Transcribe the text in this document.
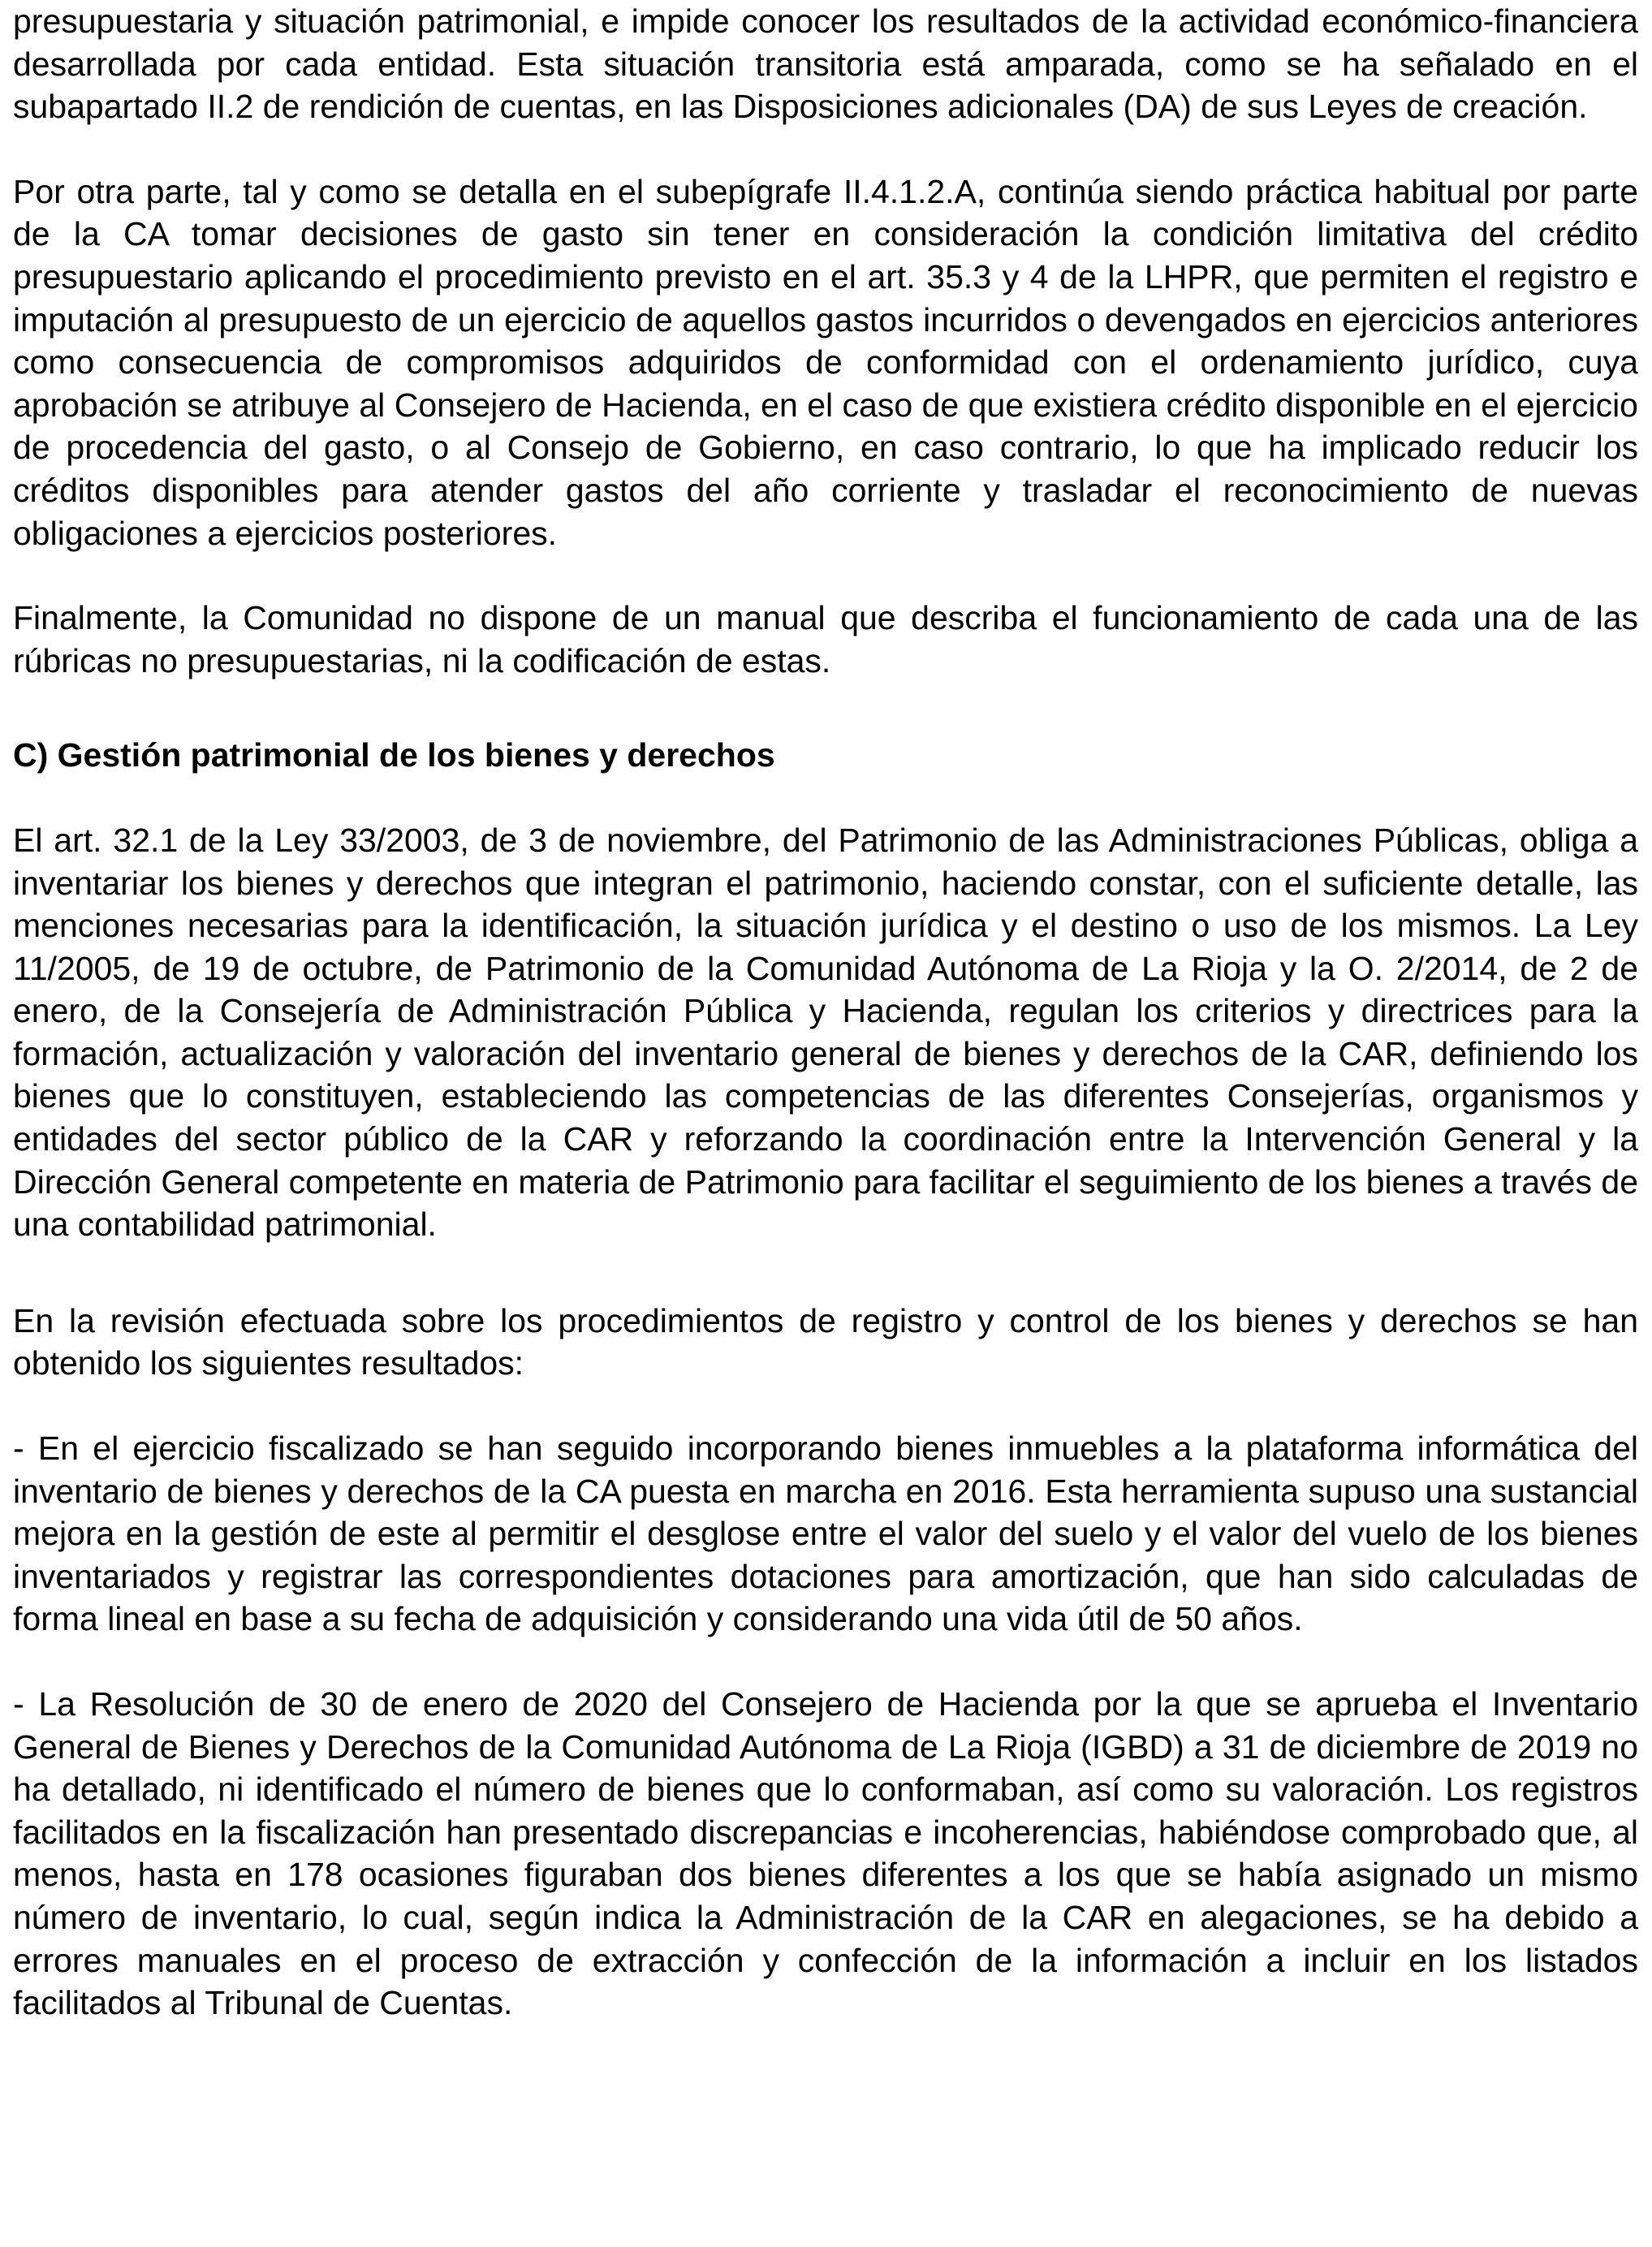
presupuestaria y situación patrimonial, e impide conocer los resultados de la actividad económico-financiera desarrollada por cada entidad. Esta situación transitoria está amparada, como se ha señalado en el subapartado II.2 de rendición de cuentas, en las Disposiciones adicionales (DA) de sus Leyes de creación.

Por otra parte, tal y como se detalla en el subepígrafe II.4.1.2.A, continúa siendo práctica habitual por parte de la CA tomar decisiones de gasto sin tener en consideración la condición limitativa del crédito presupuestario aplicando el procedimiento previsto en el art. 35.3 y 4 de la LHPR, que permiten el registro e imputación al presupuesto de un ejercicio de aquellos gastos incurridos o devengados en ejercicios anteriores como consecuencia de compromisos adquiridos de conformidad con el ordenamiento jurídico, cuya aprobación se atribuye al Consejero de Hacienda, en el caso de que existiera crédito disponible en el ejercicio de procedencia del gasto, o al Consejo de Gobierno, en caso contrario, lo que ha implicado reducir los créditos disponibles para atender gastos del año corriente y trasladar el reconocimiento de nuevas obligaciones a ejercicios posteriores.

Finalmente, la Comunidad no dispone de un manual que describa el funcionamiento de cada una de las rúbricas no presupuestarias, ni la codificación de estas.

C) Gestión patrimonial de los bienes y derechos

El art. 32.1 de la Ley 33/2003, de 3 de noviembre, del Patrimonio de las Administraciones Públicas, obliga a inventariar los bienes y derechos que integran el patrimonio, haciendo constar, con el suficiente detalle, las menciones necesarias para la identificación, la situación jurídica y el destino o uso de los mismos. La Ley 11/2005, de 19 de octubre, de Patrimonio de la Comunidad Autónoma de La Rioja y la O. 2/2014, de 2 de enero, de la Consejería de Administración Pública y Hacienda, regulan los criterios y directrices para la formación, actualización y valoración del inventario general de bienes y derechos de la CAR, definiendo los bienes que lo constituyen, estableciendo las competencias de las diferentes Consejerías, organismos y entidades del sector público de la CAR y reforzando la coordinación entre la Intervención General y la Dirección General competente en materia de Patrimonio para facilitar el seguimiento de los bienes a través de una contabilidad patrimonial.

En la revisión efectuada sobre los procedimientos de registro y control de los bienes y derechos se han obtenido los siguientes resultados:

- En el ejercicio fiscalizado se han seguido incorporando bienes inmuebles a la plataforma informática del inventario de bienes y derechos de la CA puesta en marcha en 2016. Esta herramienta supuso una sustancial mejora en la gestión de este al permitir el desglose entre el valor del suelo y el valor del vuelo de los bienes inventariados y registrar las correspondientes dotaciones para amortización, que han sido calculadas de forma lineal en base a su fecha de adquisición y considerando una vida útil de 50 años.

- La Resolución de 30 de enero de 2020 del Consejero de Hacienda por la que se aprueba el Inventario General de Bienes y Derechos de la Comunidad Autónoma de La Rioja (IGBD) a 31 de diciembre de 2019 no ha detallado, ni identificado el número de bienes que lo conformaban, así como su valoración. Los registros facilitados en la fiscalización han presentado discrepancias e incoherencias, habiéndose comprobado que, al menos, hasta en 178 ocasiones figuraban dos bienes diferentes a los que se había asignado un mismo número de inventario, lo cual, según indica la Administración de la CAR en alegaciones, se ha debido a errores manuales en el proceso de extracción y confección de la información a incluir en los listados facilitados al Tribunal de Cuentas.
